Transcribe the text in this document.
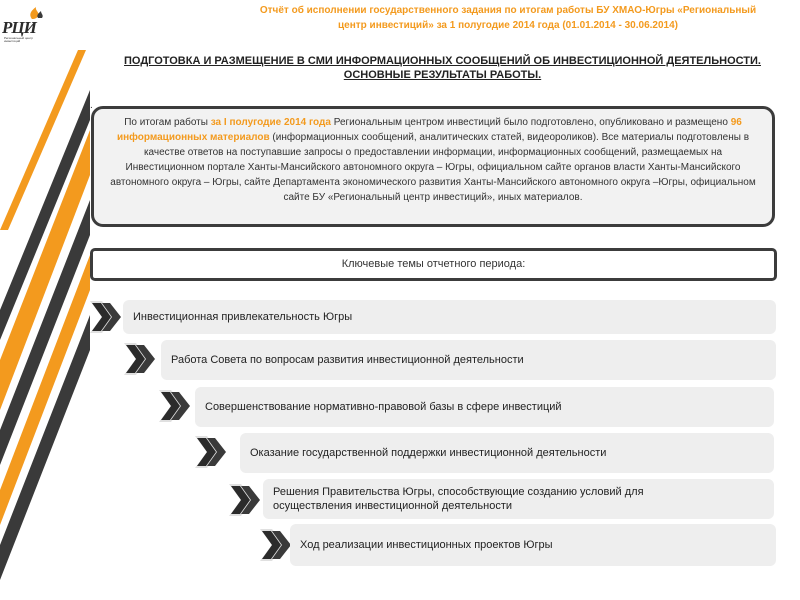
РЦИ
Региональный центр инвестиций
Отчёт об исполнении государственного задания по итогам работы БУ ХМАО-Югры «Региональный
центр инвестиций» за 1 полугодие 2014 года (01.01.2014 - 30.06.2014)
ПОДГОТОВКА И РАЗМЕЩЕНИЕ В СМИ ИНФОРМАЦИОННЫХ СООБЩЕНИЙ ОБ ИНВЕСТИЦИОННОЙ ДЕЯТЕЛЬНОСТИ.
ОСНОВНЫЕ РЕЗУЛЬТАТЫ РАБОТЫ.
.
По итогам работы за I полугодие 2014 года Региональным центром инвестиций было подготовлено, опубликовано и размещено 96 информационных материалов (информационных сообщений, аналитических статей, видеороликов). Все материалы подготовлены в качестве ответов на поступавшие запросы о предоставлении информации, информационных сообщений, размещаемых на Инвестиционном портале Ханты-Мансийского автономного округа – Югры, официальном сайте органов власти Ханты-Мансийского автономного округа – Югры, сайте Департамента экономического развития Ханты-Мансийского автономного округа –Югры, официальном сайте БУ «Региональный центр инвестиций», иных материалов.
Ключевые темы отчетного периода:
Инвестиционная привлекательность Югры
Работа Совета по вопросам развития инвестиционной деятельности
Совершенствование нормативно-правовой базы в сфере инвестиций
Оказание государственной поддержки инвестиционной деятельности
Решения Правительства Югры, способствующие созданию условий для осуществления инвестиционной деятельности
Ход реализации инвестиционных проектов Югры
